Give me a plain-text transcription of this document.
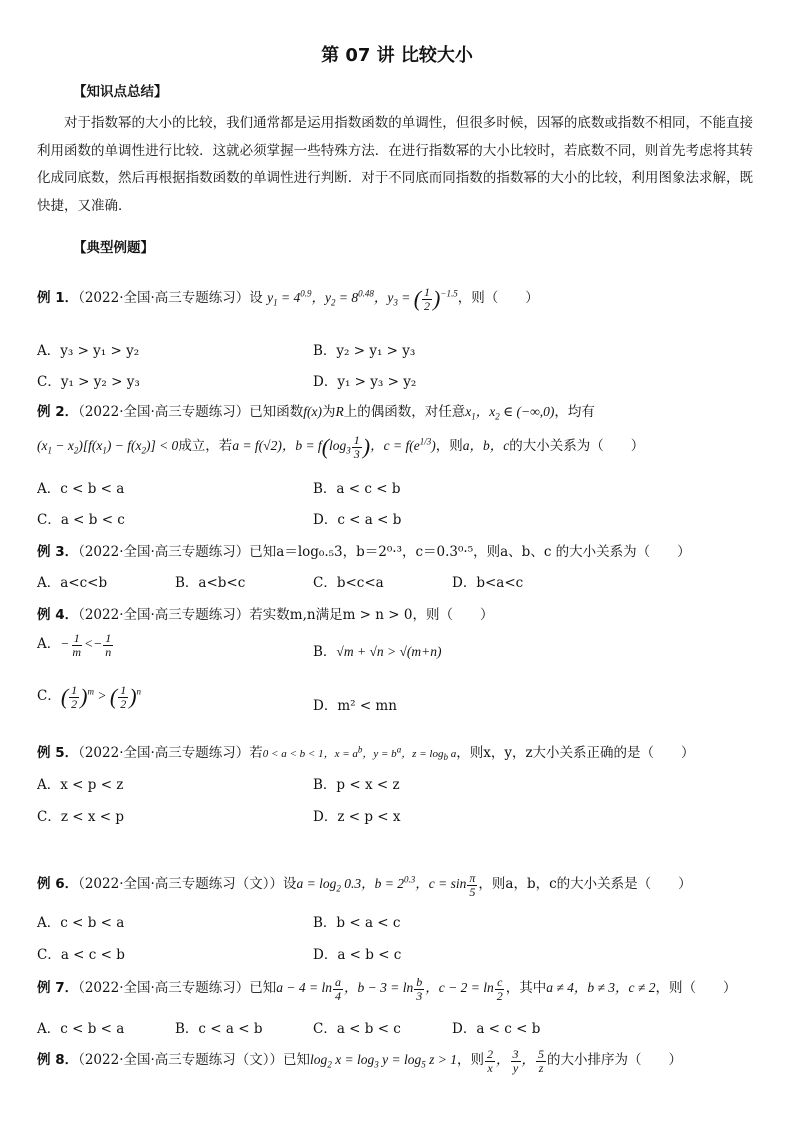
第 07 讲 比较大小
【知识点总结】
对于指数幂的大小的比较，我们通常都是运用指数函数的单调性，但很多时候，因幂的底数或指数不相同，不能直接利用函数的单调性进行比较．这就必须掌握一些特殊方法．在进行指数幂的大小比较时，若底数不同，则首先考虑将其转化成同底数，然后再根据指数函数的单调性进行判断．对于不同底而同指数的指数幂的大小的比较，利用图象法求解，既快捷，又准确．
【典型例题】
例 1．（2022·全国·高三专题练习）设 $y_1 = 4^{0.9}$，$y_2 = 8^{0.48}$，$y_3$ = ( $\frac{1}{2} )^{-1.5}$，则（　　）
A．y₃ > y₁ > y₂	B．y₂ > y₁ > y₃
C．y₁ > y₂ > y₃	D．y₁ > y₃ > y₂
例 2．（2022·全国·高三专题练习）已知函数f(x)为R上的偶函数，对任意$x_1$，$x_2$ ∈ (−∞,0)，均有
$(x_1 - x_2)[f(x_1) - f(x_2)] < 0$成立，若a = f(√2)，$b = f(\log_3 \frac{1}{3}$ )，$c = f(e^{1/3})$，则a，b，c的大小关系为（　　）
A．c < b < a	B．a < c < b
C．a < b < c	D．c < a < b
例 3．（2022·全国·高三专题练习）已知a＝log₀.₅3，b＝2⁰·³，c＝0.3⁰·⁵，则a、b、c 的大小关系为（　　）
A．a<c<b	B．a<b<c	C．b<c<a	D．b<a<c
例 4．（2022·全国·高三专题练习）若实数m,n满足m > n > 0，则（　　）
A．− $\frac{1}{m} <- \frac{1}{n}$	B．√m + √n > √(m+n)
C．( $\frac{1}{2} )^m$ > ( $\frac{1}{2} )^n$
D．m² < mn
例 5．（2022·全国·高三专题练习）若0 < a < b < 1，$x = a^b$，$y = b^a$，$z = \log_b a$，则x，y，z大小关系正确的是（　　）
A．x < p < z	B．p < x < z
C．z < x < p	D．z < p < x
例 6．（2022·全国·高三专题练习（文））设$a = \log_2 0.3$，$b = 2^{0.3}$，$c = \sin \frac{\pi}{5}$ ，则a，b，c的大小关系是（　　）
A．c < b < a	B．b < a < c
C．a < c < b	D．a < b < c
例 7．（2022·全国·高三专题练习）已知$a - 4 = \ln \frac{a}{4}$ ，$b - 3 = \ln \frac{b}{3}$ ，$c - 2 = \ln \frac{c}{2}$ ，其中a ≠ 4，b ≠ 3，c ≠ 2，则（　　）
A．c < b < a	B．c < a < b	C．a < b < c	D．a < c < b
例 8．（2022·全国·高三专题练习（文））已知$\log_2 x = \log_3 y = \log_5 z > 1$，则 $\frac{2}{x}$ ， $\frac{3}{y}$ ， $\frac{5}{z}$ 的大小排序为（　　）
